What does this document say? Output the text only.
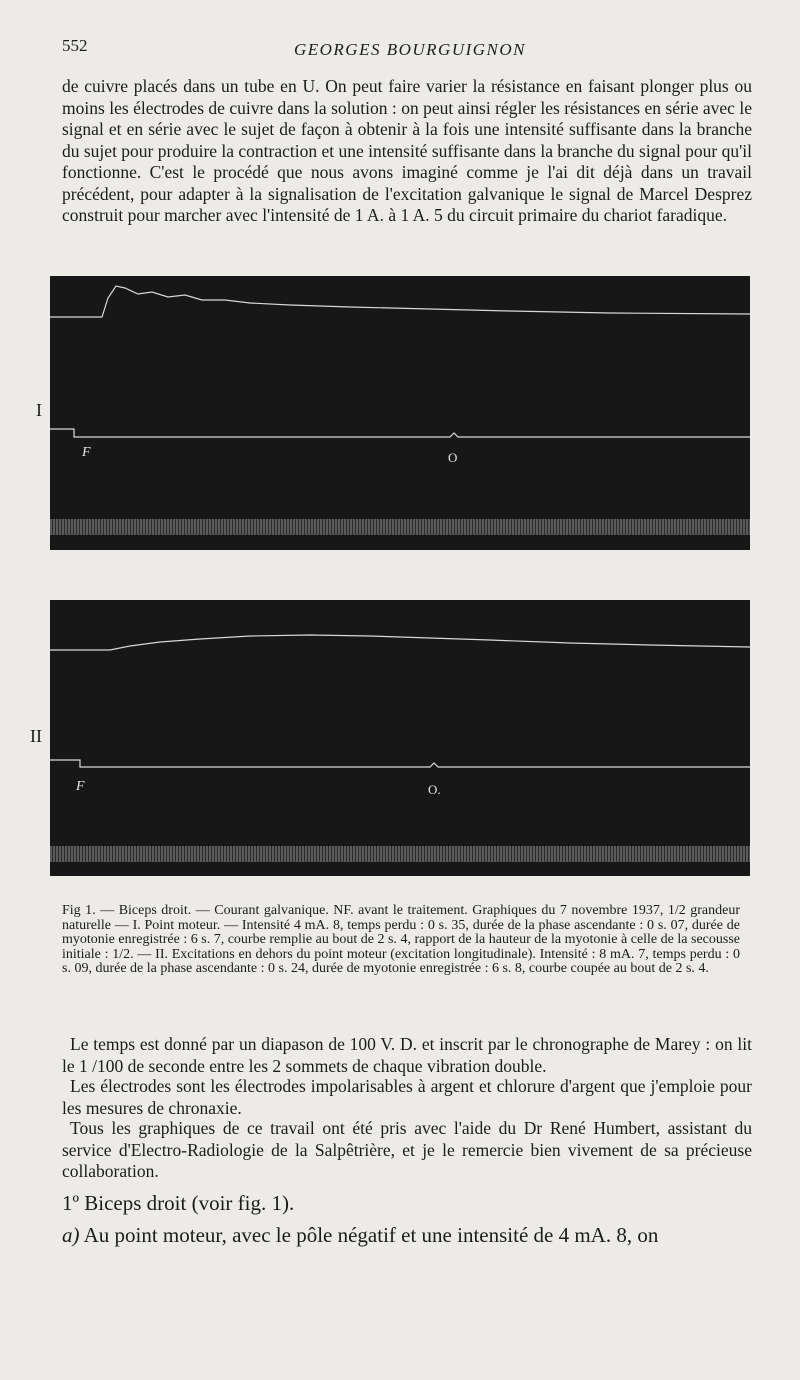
552	GEORGES BOURGUIGNON

de cuivre placés dans un tube en U. On peut faire varier la résistance en faisant plonger plus ou moins les électrodes de cuivre dans la solution : on peut ainsi régler les résistances en série avec le signal et en série avec le sujet de façon à obtenir à la fois une intensité suffisante dans la branche du sujet pour produire la contraction et une intensité suffisante dans la branche du signal pour qu'il fonctionne. C'est le procédé que nous avons imaginé comme je l'ai dit déjà dans un travail précédent, pour adapter à la signalisation de l'excitation galvanique le signal de Marcel Desprez construit pour marcher avec l'intensité de 1 A. à 1 A. 5 du circuit primaire du chariot faradique.

F	O
I
F	O.
II

Fig 1. — Biceps droit. — Courant galvanique. NF. avant le traitement. Graphiques du 7 novembre 1937, 1/2 grandeur naturelle — I. Point moteur. — Intensité 4 mA. 8, temps perdu : 0 s. 35, durée de la phase ascendante : 0 s. 07, durée de myotonie enregistrée : 6 s. 7, courbe remplie au bout de 2 s. 4, rapport de la hauteur de la myotonie à celle de la secousse initiale : 1/2. — II. Excitations en dehors du point moteur (excitation longitudinale). Intensité : 8 mA. 7, temps perdu : 0 s. 09, durée de la phase ascendante : 0 s. 24, durée de myotonie enregistrée : 6 s. 8, courbe coupée au bout de 2 s. 4.

Le temps est donné par un diapason de 100 V. D. et inscrit par le chronographe de Marey : on lit le 1 /100 de seconde entre les 2 sommets de chaque vibration double.

Les électrodes sont les électrodes impolarisables à argent et chlorure d'argent que j'emploie pour les mesures de chronaxie.

Tous les graphiques de ce travail ont été pris avec l'aide du Dr René Humbert, assistant du service d'Electro-Radiologie de la Salpêtrière, et je le remercie bien vivement de sa précieuse collaboration.

1º Biceps droit (voir fig. 1).
a) Au point moteur, avec le pôle négatif et une intensité de 4 mA. 8, on
